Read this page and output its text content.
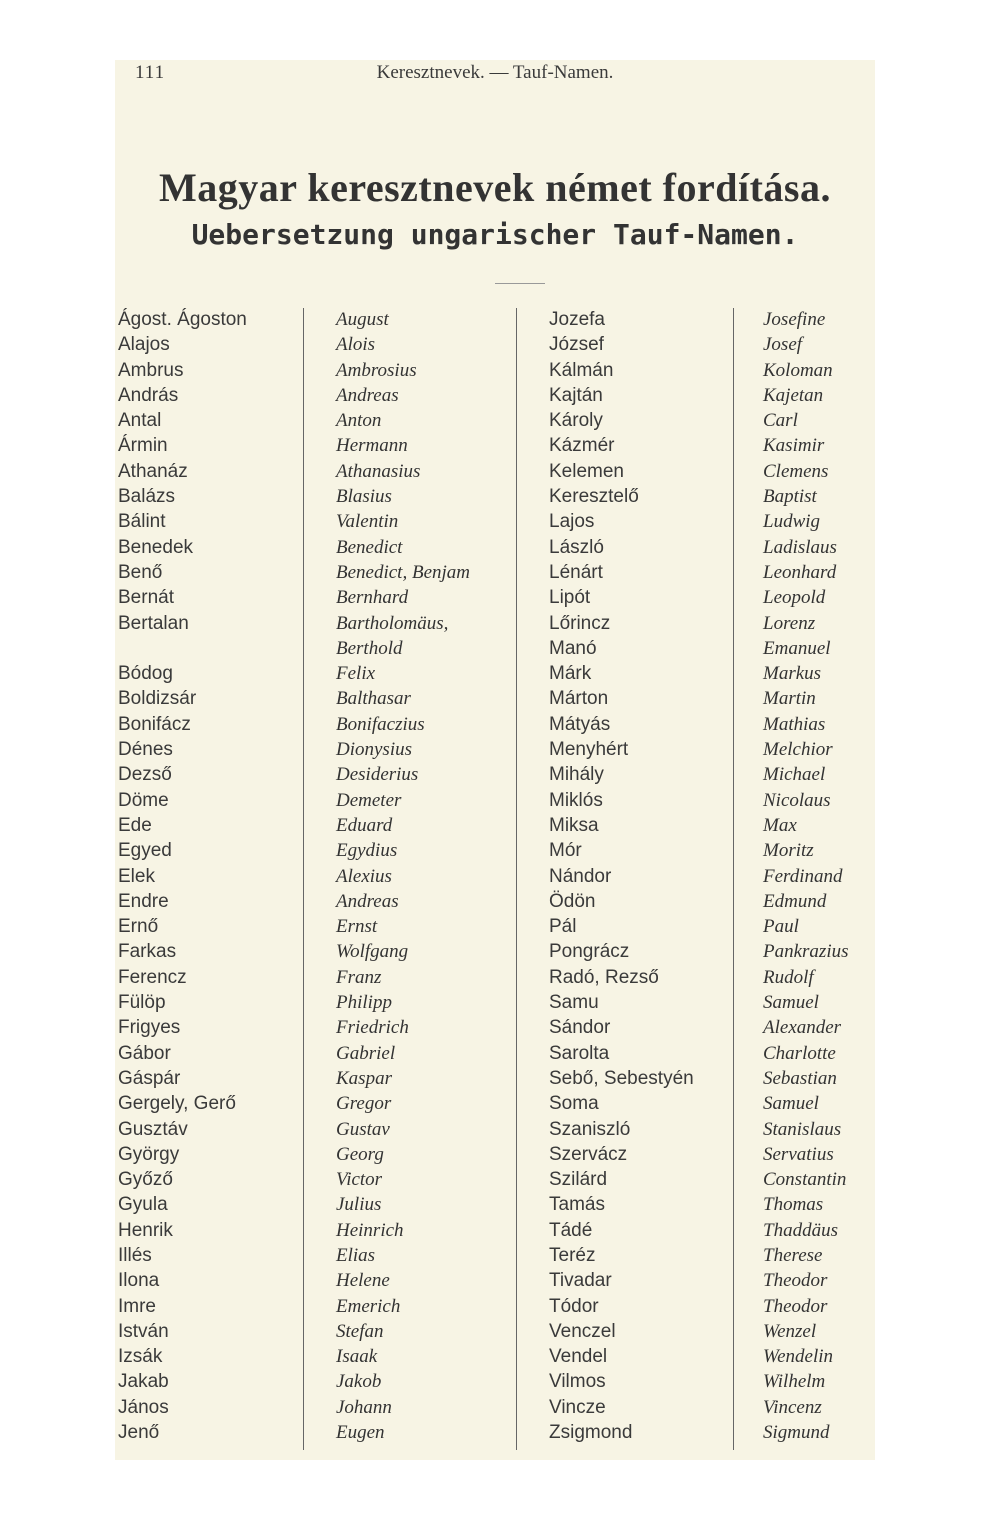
111	Keresztnevek. — Tauf-Namen.
Magyar keresztnevek német fordítása.
Uebersetzung ungarischer Tauf-Namen.
Ágost. Ágoston
Alajos
Ambrus
András
Antal
Ármin
Athanáz
Balázs
Bálint
Benedek
Benő
Bernát
Bertalan
Bódog
Boldizsár
Bonifácz
Dénes
Dezső
Döme
Ede
Egyed
Elek
Endre
Ernő
Farkas
Ferencz
Fülöp
Frigyes
Gábor
Gáspár
Gergely, Gerő
Gusztáv
György
Győző
Gyula
Henrik
Illés
Ilona
Imre
István
Izsák
Jakab
János
Jenő
August
Alois
Ambrosius
Andreas
Anton
Hermann
Athanasius
Blasius
Valentin
Benedict
Benedict, Benjam
Bernhard
Bartholomäus,
Berthold
Felix
Balthasar
Bonifaczius
Dionysius
Desiderius
Demeter
Eduard
Egydius
Alexius
Andreas
Ernst
Wolfgang
Franz
Philipp
Friedrich
Gabriel
Kaspar
Gregor
Gustav
Georg
Victor
Julius
Heinrich
Elias
Helene
Emerich
Stefan
Isaak
Jakob
Johann
Eugen
Jozefa
József
Kálmán
Kajtán
Károly
Kázmér
Kelemen
Keresztelő
Lajos
László
Lénárt
Lipót
Lőrincz
Manó
Márk
Márton
Mátyás
Menyhért
Mihály
Miklós
Miksa
Mór
Nándor
Ödön
Pál
Pongrácz
Radó, Rezső
Samu
Sándor
Sarolta
Sebő, Sebestyén
Soma
Szaniszló
Szervácz
Szilárd
Tamás
Tádé
Teréz
Tivadar
Tódor
Venczel
Vendel
Vilmos
Vincze
Zsigmond
Josefine
Josef
Koloman
Kajetan
Carl
Kasimir
Clemens
Baptist
Ludwig
Ladislaus
Leonhard
Leopold
Lorenz
Emanuel
Markus
Martin
Mathias
Melchior
Michael
Nicolaus
Max
Moritz
Ferdinand
Edmund
Paul
Pankrazius
Rudolf
Samuel
Alexander
Charlotte
Sebastian
Samuel
Stanislaus
Servatius
Constantin
Thomas
Thaddäus
Therese
Theodor
Theodor
Wenzel
Wendelin
Wilhelm
Vincenz
Sigmund
